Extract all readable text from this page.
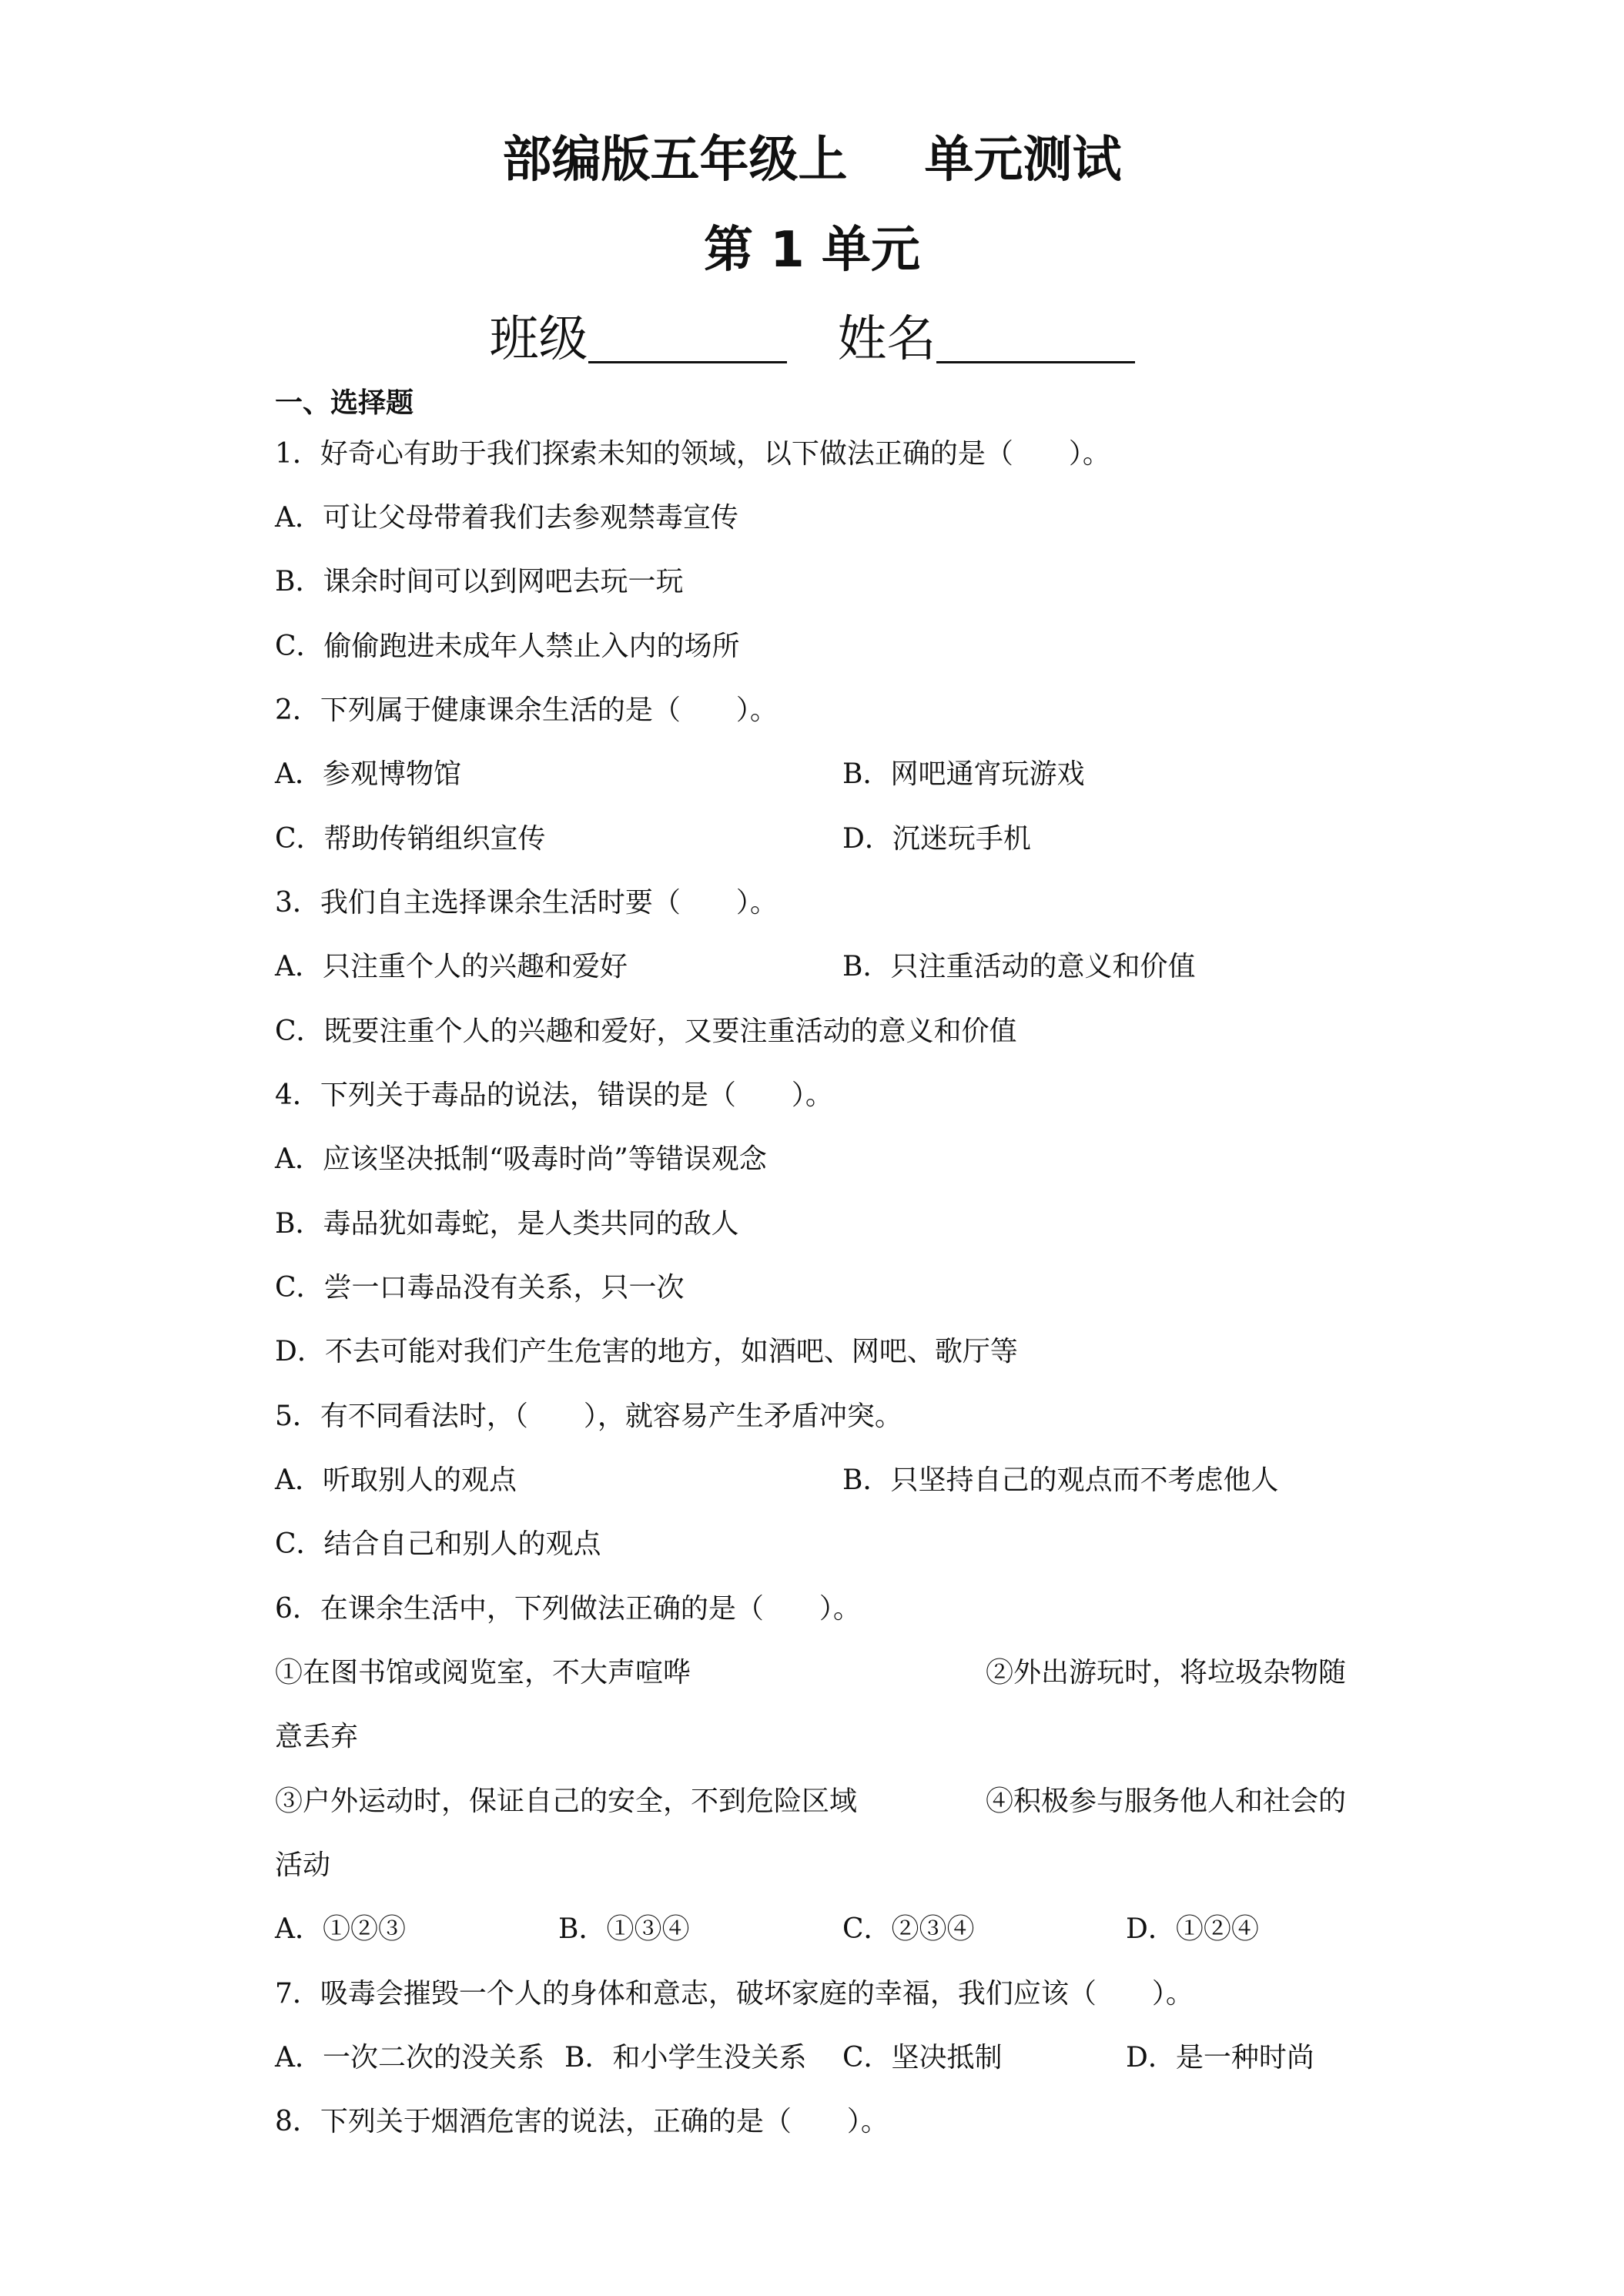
部编版五年级上 单元测试
第 1 单元
班级	姓名
一、选择题
1．好奇心有助于我们探索未知的领域，以下做法正确的是（　　）。
A．可让父母带着我们去参观禁毒宣传
B．课余时间可以到网吧去玩一玩
C．偷偷跑进未成年人禁止入内的场所
2．下列属于健康课余生活的是（　　）。
A．参观博物馆	B．网吧通宵玩游戏
C．帮助传销组织宣传	D．沉迷玩手机
3．我们自主选择课余生活时要（　　）。
A．只注重个人的兴趣和爱好	B．只注重活动的意义和价值
C．既要注重个人的兴趣和爱好，又要注重活动的意义和价值
4．下列关于毒品的说法，错误的是（　　）。
A．应该坚决抵制“吸毒时尚”等错误观念
B．毒品犹如毒蛇，是人类共同的敌人
C．尝一口毒品没有关系，只一次
D．不去可能对我们产生危害的地方，如酒吧、网吧、歌厅等
5．有不同看法时，（　　），就容易产生矛盾冲突。
A．听取别人的观点	B．只坚持自己的观点而不考虑他人
C．结合自己和别人的观点
6．在课余生活中，下列做法正确的是（　　）。
①在图书馆或阅览室，不大声喧哗	②外出游玩时，将垃圾杂物随
意丢弃
③户外运动时，保证自己的安全，不到危险区域	④积极参与服务他人和社会的
活动
A．①②③	B．①③④	C．②③④	D．①②④
7．吸毒会摧毁一个人的身体和意志，破坏家庭的幸福，我们应该（　　）。
A．一次二次的没关系 B．和小学生没关系 C．坚决抵制	D．是一种时尚
8．下列关于烟酒危害的说法，正确的是（　　）。
